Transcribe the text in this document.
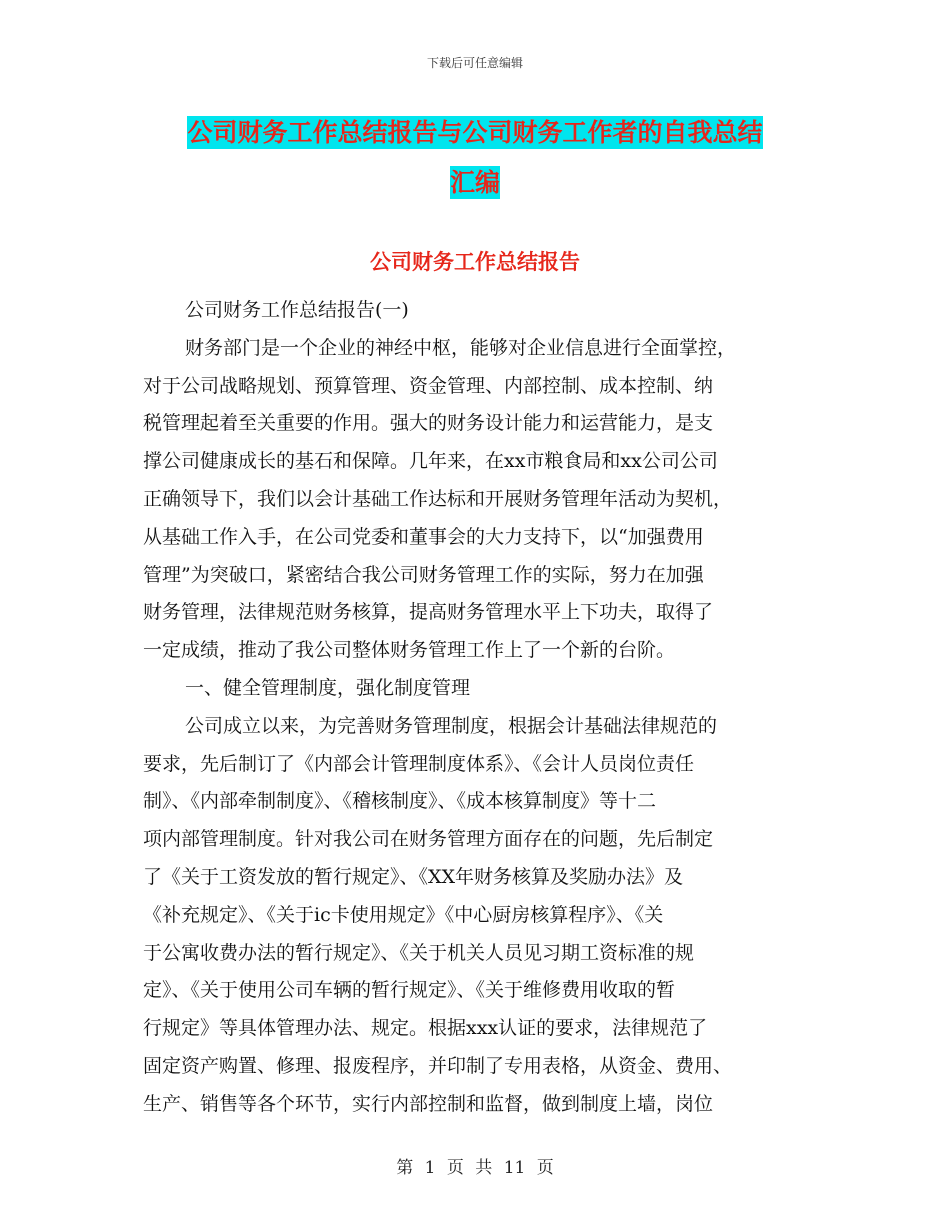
下载后可任意编辑
公司财务工作总结报告与公司财务工作者的自我总结
汇编
公司财务工作总结报告
公司财务工作总结报告(一)
财务部门是一个企业的神经中枢，能够对企业信息进行全面掌控，
对于公司战略规划、预算管理、资金管理、内部控制、成本控制、纳
税管理起着至关重要的作用。强大的财务设计能力和运营能力，是支
撑公司健康成长的基石和保障。几年来，在xx市粮食局和xx公司公司
正确领导下，我们以会计基础工作达标和开展财务管理年活动为契机，
从基础工作入手，在公司党委和董事会的大力支持下，以“加强费用
管理”为突破口，紧密结合我公司财务管理工作的实际，努力在加强
财务管理，法律规范财务核算，提高财务管理水平上下功夫，取得了
一定成绩，推动了我公司整体财务管理工作上了一个新的台阶。
一、健全管理制度，强化制度管理
公司成立以来，为完善财务管理制度，根据会计基础法律规范的
要求，先后制订了《内部会计管理制度体系》、《会计人员岗位责任
制》、《内部牵制制度》、《稽核制度》、《成本核算制度》等十二
项内部管理制度。针对我公司在财务管理方面存在的问题，先后制定
了《关于工资发放的暂行规定》、《XX年财务核算及奖励办法》及
《补充规定》、《关于ic卡使用规定》《中心厨房核算程序》、《关
于公寓收费办法的暂行规定》、《关于机关人员见习期工资标准的规
定》、《关于使用公司车辆的暂行规定》、《关于维修费用收取的暂
行规定》等具体管理办法、规定。根据xxx认证的要求，法律规范了
固定资产购置、修理、报废程序，并印制了专用表格，从资金、费用、
生产、销售等各个环节，实行内部控制和监督，做到制度上墙，岗位
第 1 页 共 11 页
